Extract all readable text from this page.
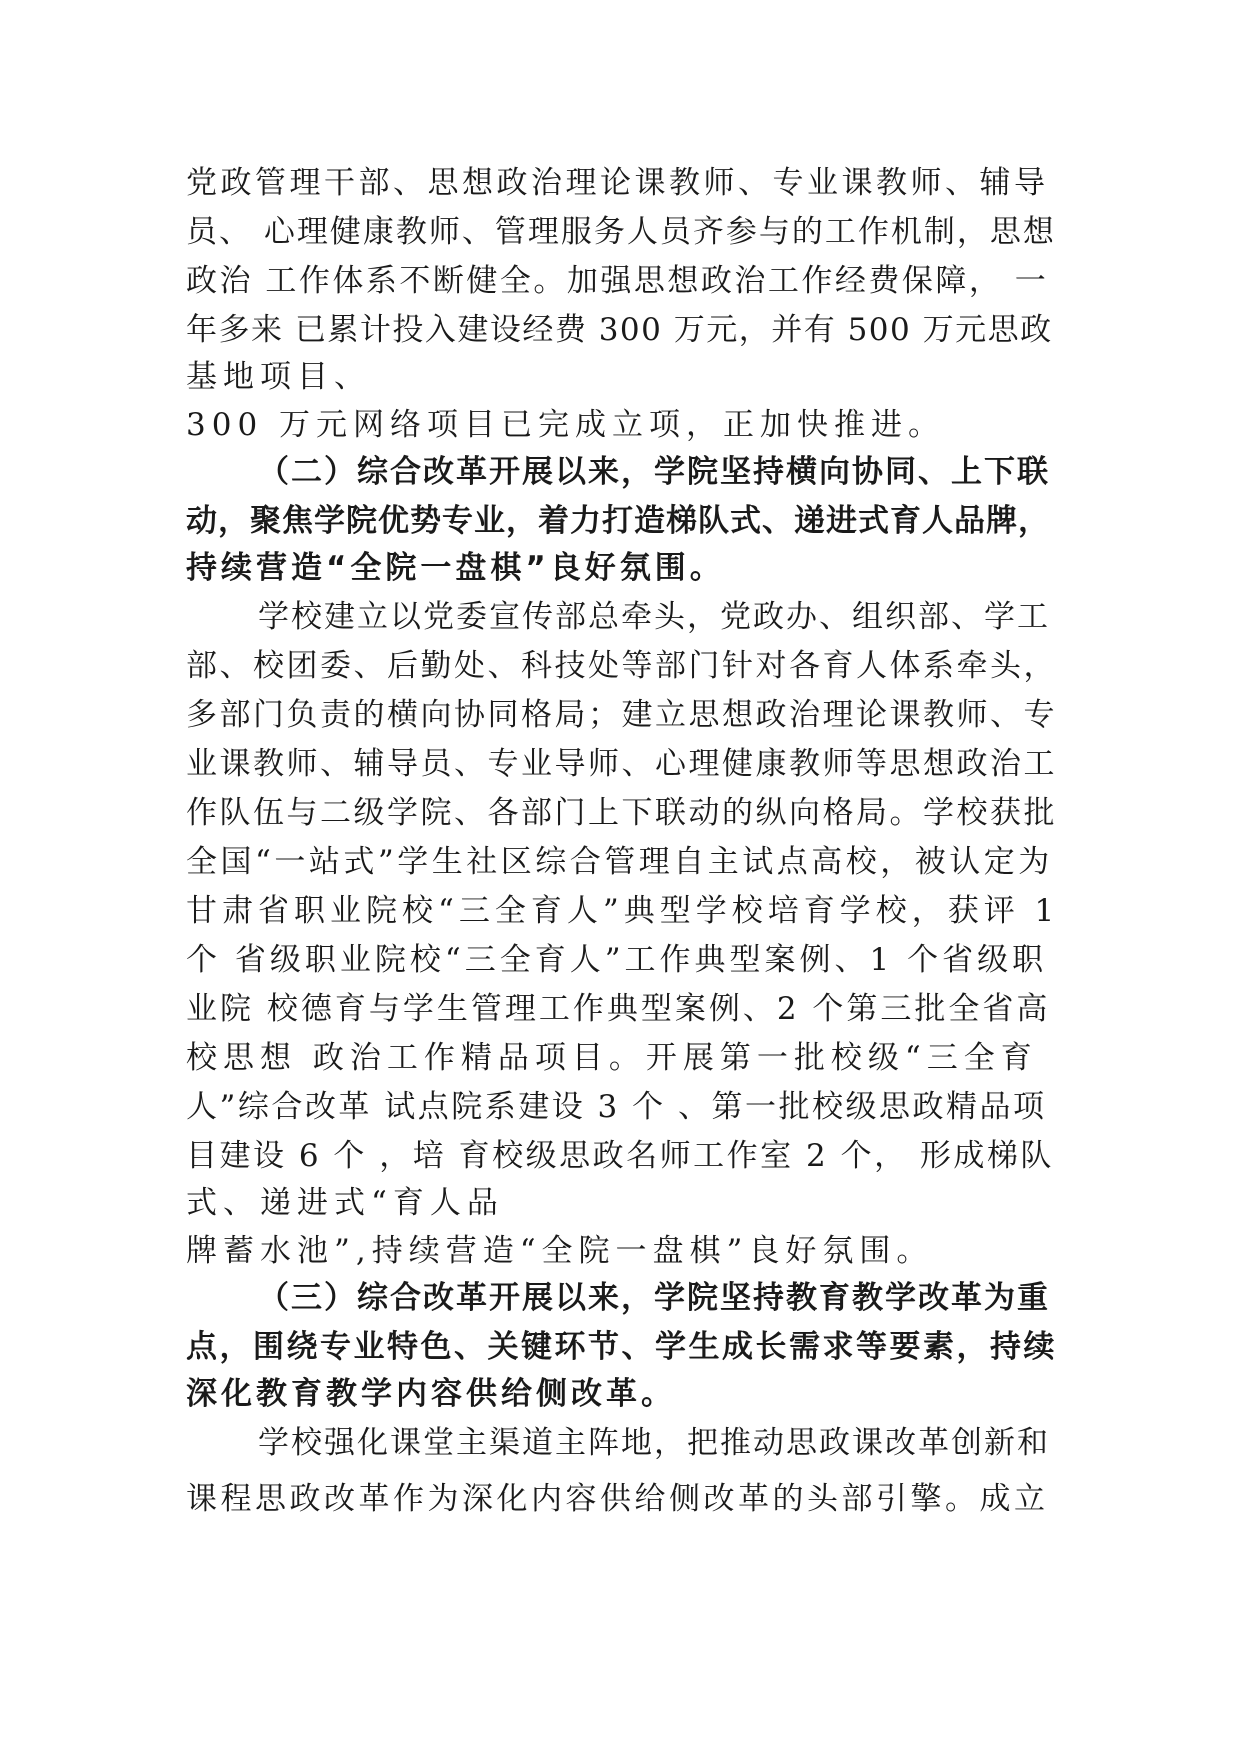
党政管理干部、思想政治理论课教师、专业课教师、辅导
员、 心理健康教师、管理服务人员齐参与的工作机制，思想
政治 工作体系不断健全。加强思想政治工作经费保障， 一
年多来 已累计投入建设经费 300 万元，并有 500 万元思政
基地项目、
300 万元网络项目已完成立项，正加快推进。
（二）综合改革开展以来，学院坚持横向协同、上下联
动，聚焦学院优势专业，着力打造梯队式、递进式育人品牌，
持续营造“全院一盘棋”良好氛围。
学校建立以党委宣传部总牵头，党政办、组织部、学工
部、校团委、后勤处、科技处等部门针对各育人体系牵头，
多部门负责的横向协同格局；建立思想政治理论课教师、专
业课教师、辅导员、专业导师、心理健康教师等思想政治工
作队伍与二级学院、各部门上下联动的纵向格局。学校获批
全国“一站式”学生社区综合管理自主试点高校，被认定为
甘肃省职业院校“三全育人”典型学校培育学校，获评 1
个 省级职业院校“三全育人”工作典型案例、1 个省级职
业院 校德育与学生管理工作典型案例、2 个第三批全省高
校思想 政治工作精品项目。开展第一批校级“三全育
人”综合改革 试点院系建设 3 个 、第一批校级思政精品项
目建设 6 个 ，培 育校级思政名师工作室 2 个， 形成梯队
式、递进式“育人品
牌蓄水池”,持续营造“全院一盘棋”良好氛围。
（三）综合改革开展以来，学院坚持教育教学改革为重
点，围绕专业特色、关键环节、学生成长需求等要素，持续
深化教育教学内容供给侧改革。
学校强化课堂主渠道主阵地，把推动思政课改革创新和
课程思政改革作为深化内容供给侧改革的头部引擎。成立
